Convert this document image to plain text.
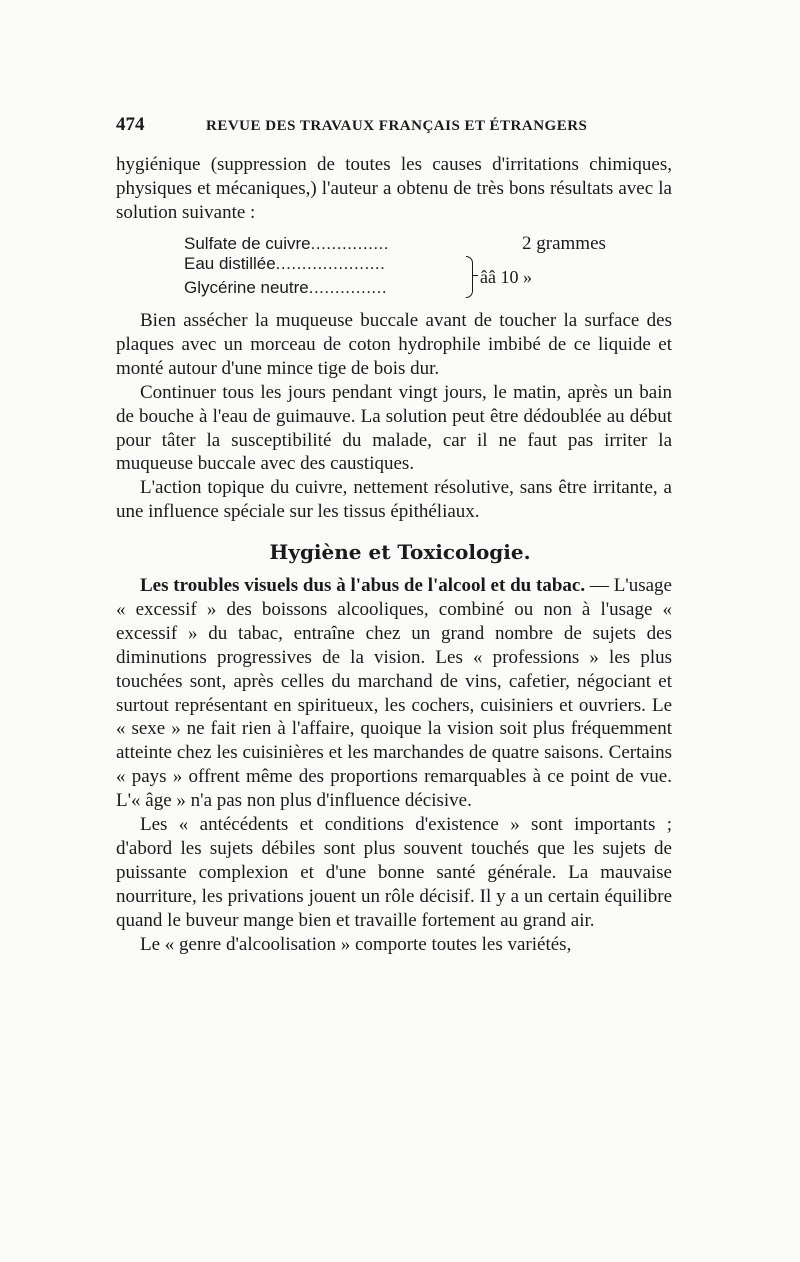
474	REVUE DES TRAVAUX FRANÇAIS ET ÉTRANGERS

hygiénique (suppression de toutes les causes d'irritations chimiques, physiques et mécaniques,) l'auteur a obtenu de très bons résultats avec la solution suivante :

Sulfate de cuivre...............	2 grammes
Eau distillée.....................
Glycérine neutre...............
ââ 10 »

Bien assécher la muqueuse buccale avant de toucher la surface des plaques avec un morceau de coton hydrophile imbibé de ce liquide et monté autour d'une mince tige de bois dur.

Continuer tous les jours pendant vingt jours, le matin, après un bain de bouche à l'eau de guimauve. La solution peut être dédoublée au début pour tâter la susceptibilité du malade, car il ne faut pas irriter la muqueuse buccale avec des caustiques.

L'action topique du cuivre, nettement résolutive, sans être irritante, a une influence spéciale sur les tissus épithéliaux.

Hygiène et Toxicologie.

Les troubles visuels dus à l'abus de l'alcool et du tabac. — L'usage « excessif » des boissons alcooliques, combiné ou non à l'usage « excessif » du tabac, entraîne chez un grand nombre de sujets des diminutions progressives de la vision. Les « professions » les plus touchées sont, après celles du marchand de vins, cafetier, négociant et surtout représentant en spiritueux, les cochers, cuisiniers et ouvriers. Le « sexe » ne fait rien à l'affaire, quoique la vision soit plus fréquemment atteinte chez les cuisinières et les marchandes de quatre saisons. Certains « pays » offrent même des proportions remarquables à ce point de vue. L'« âge » n'a pas non plus d'influence décisive.

Les « antécédents et conditions d'existence » sont importants ; d'abord les sujets débiles sont plus souvent touchés que les sujets de puissante complexion et d'une bonne santé générale. La mauvaise nourriture, les privations jouent un rôle décisif. Il y a un certain équilibre quand le buveur mange bien et travaille fortement au grand air.

Le « genre d'alcoolisation » comporte toutes les variétés,
